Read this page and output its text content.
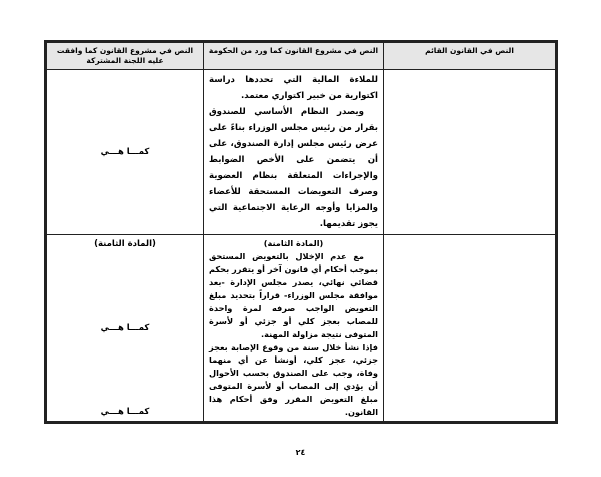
النص في القانون القائم
النص في مشروع القانون كما ورد من الحكومة
النص في مشروع القانون كما وافقت عليه اللجنة المشتركة

للملاءة المالية التي تحددها دراسة اكتوارية من خبير اكتواري معتمد.

ويصدر النظام الأساسي للصندوق بقرار من رئيس مجلس الوزراء بناءً على عرض رئيس مجلس إدارة الصندوق، على أن يتضمن على الأخص الضوابط والإجراءات المتعلقة بنظام العضوية وصرف التعويضات المستحقة للأعضاء والمزايا وأوجه الرعاية الاجتماعية التي يجوز تقديمها.

كمـــا هـــي

(المادة الثامنة)

مع عدم الإخلال بالتعويض المستحق بموجب أحكام أي قانون آخر أو يتقرر بحكم قضائي نهائي، يصدر مجلس الإدارة -بعد موافقة مجلس الوزراء- قراراً بتحديد مبلغ التعويض الواجب صرفه لمرة واحدة للمصاب بعجز كلي أو جزئي أو لأسرة المتوفى نتيجة مزاولة المهنة.

فإذا نشأ خلال سنة من وقوع الإصابة بعجز جزئي، عجز كلي، أونشأ عن أي منهما وفاة، وجب على الصندوق بحسب الأحوال أن يؤدي إلى المصاب أو لأسرة المتوفى مبلغ التعويض المقرر وفق أحكام هذا القانون.

(المادة الثامنة)
كمـــا هـــي
كمـــا هـــي
٢٤
